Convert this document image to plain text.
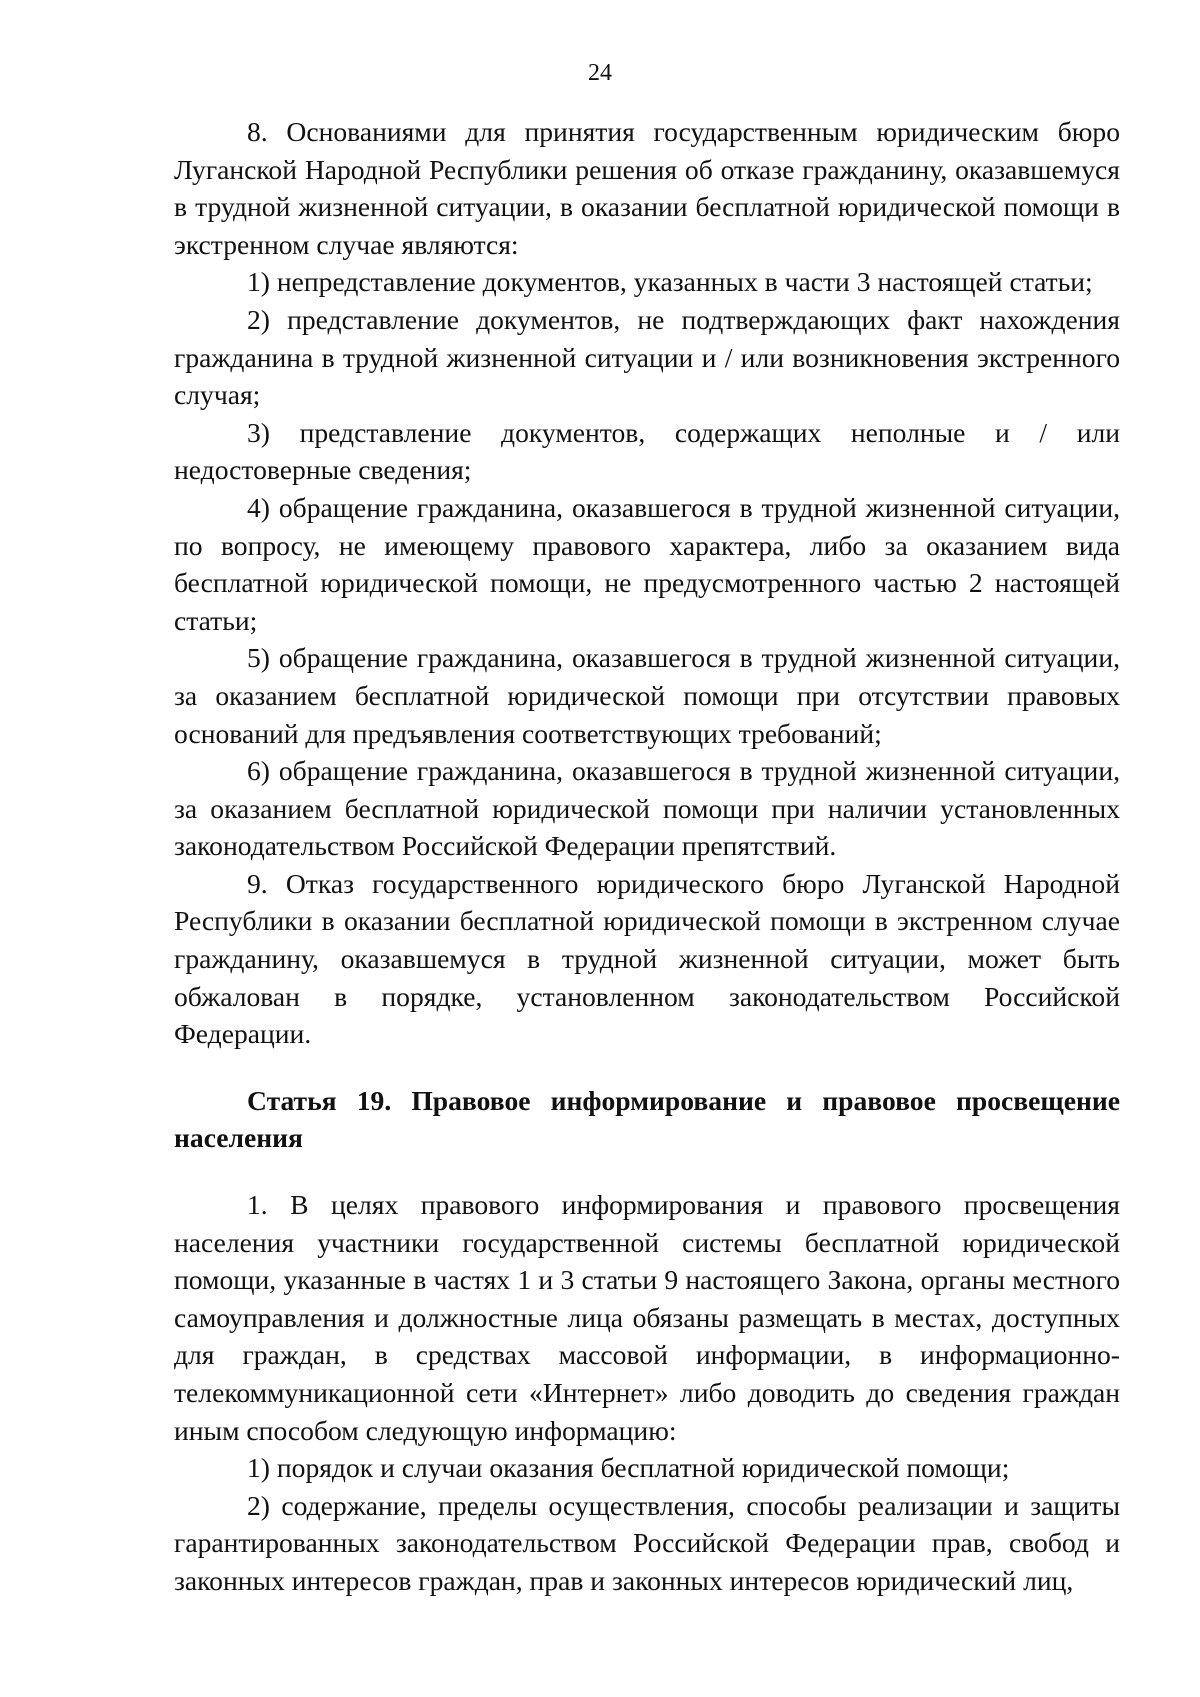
24

8. Основаниями для принятия государственным юридическим бюро Луганской Народной Республики решения об отказе гражданину, оказавшемуся в трудной жизненной ситуации, в оказании бесплатной юридической помощи в экстренном случае являются:

1) непредставление документов, указанных в части 3 настоящей статьи;

2) представление документов, не подтверждающих факт нахождения гражданина в трудной жизненной ситуации и / или возникновения экстренного случая;

3) представление документов, содержащих неполные и / или недостоверные сведения;

4) обращение гражданина, оказавшегося в трудной жизненной ситуации, по вопросу, не имеющему правового характера, либо за оказанием вида бесплатной юридической помощи, не предусмотренного частью 2 настоящей статьи;

5) обращение гражданина, оказавшегося в трудной жизненной ситуации, за оказанием бесплатной юридической помощи при отсутствии правовых оснований для предъявления соответствующих требований;

6) обращение гражданина, оказавшегося в трудной жизненной ситуации, за оказанием бесплатной юридической помощи при наличии установленных законодательством Российской Федерации препятствий.

9. Отказ государственного юридического бюро Луганской Народной Республики в оказании бесплатной юридической помощи в экстренном случае гражданину, оказавшемуся в трудной жизненной ситуации, может быть обжалован в порядке, установленном законодательством Российской Федерации.

Статья 19. Правовое информирование и правовое просвещение населения

1. В целях правового информирования и правового просвещения населения участники государственной системы бесплатной юридической помощи, указанные в частях 1 и 3 статьи 9 настоящего Закона, органы местного самоуправления и должностные лица обязаны размещать в местах, доступных для граждан, в средствах массовой информации, в информационно-телекоммуникационной сети «Интернет» либо доводить до сведения граждан иным способом следующую информацию:

1) порядок и случаи оказания бесплатной юридической помощи;

2) содержание, пределы осуществления, способы реализации и защиты гарантированных законодательством Российской Федерации прав, свобод и законных интересов граждан, прав и законных интересов юридический лиц,
